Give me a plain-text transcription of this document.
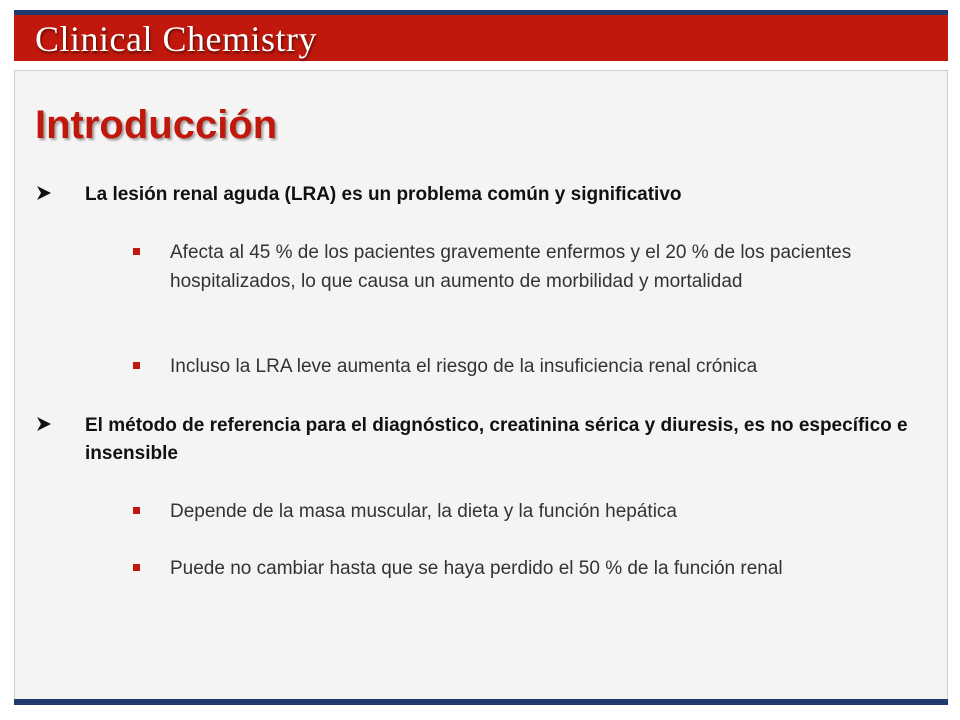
Clinical Chemistry
Introducción
La lesión renal aguda (LRA) es un problema común y significativo
Afecta al 45 % de los pacientes gravemente enfermos y el 20 % de los pacientes hospitalizados, lo que causa un aumento de morbilidad y mortalidad
Incluso la LRA leve aumenta el riesgo de la insuficiencia renal crónica
El método de referencia para el diagnóstico, creatinina sérica y diuresis, es no específico e insensible
Depende de la masa muscular, la dieta y la función hepática
Puede no cambiar hasta que se haya perdido el 50 % de la función renal
